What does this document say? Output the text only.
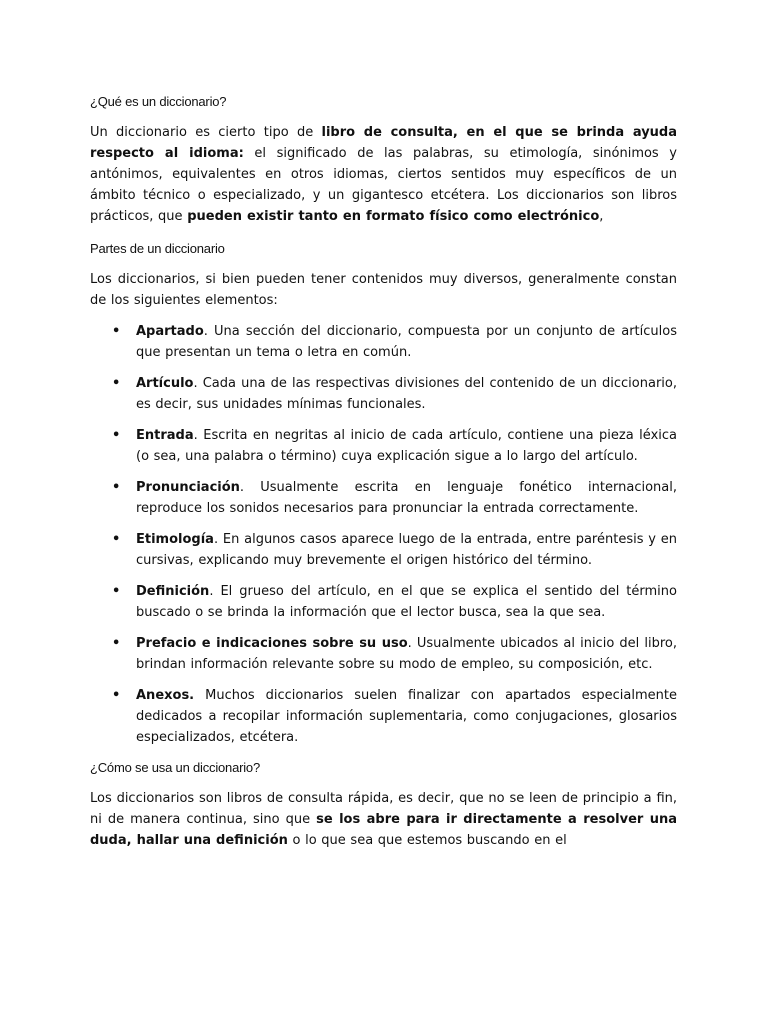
¿Qué es un diccionario?

Un diccionario es cierto tipo de libro de consulta, en el que se brinda ayuda respecto al idioma: el significado de las palabras, su etimología, sinónimos y antónimos, equivalentes en otros idiomas, ciertos sentidos muy específicos de un ámbito técnico o especializado, y un gigantesco etcétera. Los diccionarios son libros prácticos, que pueden existir tanto en formato físico como electrónico,

Partes de un diccionario

Los diccionarios, si bien pueden tener contenidos muy diversos, generalmente constan de los siguientes elementos:

• Apartado. Una sección del diccionario, compuesta por un conjunto de artículos que presentan un tema o letra en común.
• Artículo. Cada una de las respectivas divisiones del contenido de un diccionario, es decir, sus unidades mínimas funcionales.
• Entrada. Escrita en negritas al inicio de cada artículo, contiene una pieza léxica (o sea, una palabra o término) cuya explicación sigue a lo largo del artículo.
• Pronunciación. Usualmente escrita en lenguaje fonético internacional, reproduce los sonidos necesarios para pronunciar la entrada correctamente.
• Etimología. En algunos casos aparece luego de la entrada, entre paréntesis y en cursivas, explicando muy brevemente el origen histórico del término.
• Definición. El grueso del artículo, en el que se explica el sentido del término buscado o se brinda la información que el lector busca, sea la que sea.
• Prefacio e indicaciones sobre su uso. Usualmente ubicados al inicio del libro, brindan información relevante sobre su modo de empleo, su composición, etc.
• Anexos. Muchos diccionarios suelen finalizar con apartados especialmente dedicados a recopilar información suplementaria, como conjugaciones, glosarios especializados, etcétera.
¿Cómo se usa un diccionario?

Los diccionarios son libros de consulta rápida, es decir, que no se leen de principio a fin, ni de manera continua, sino que se los abre para ir directamente a resolver una duda, hallar una definición o lo que sea que estemos buscando en el
